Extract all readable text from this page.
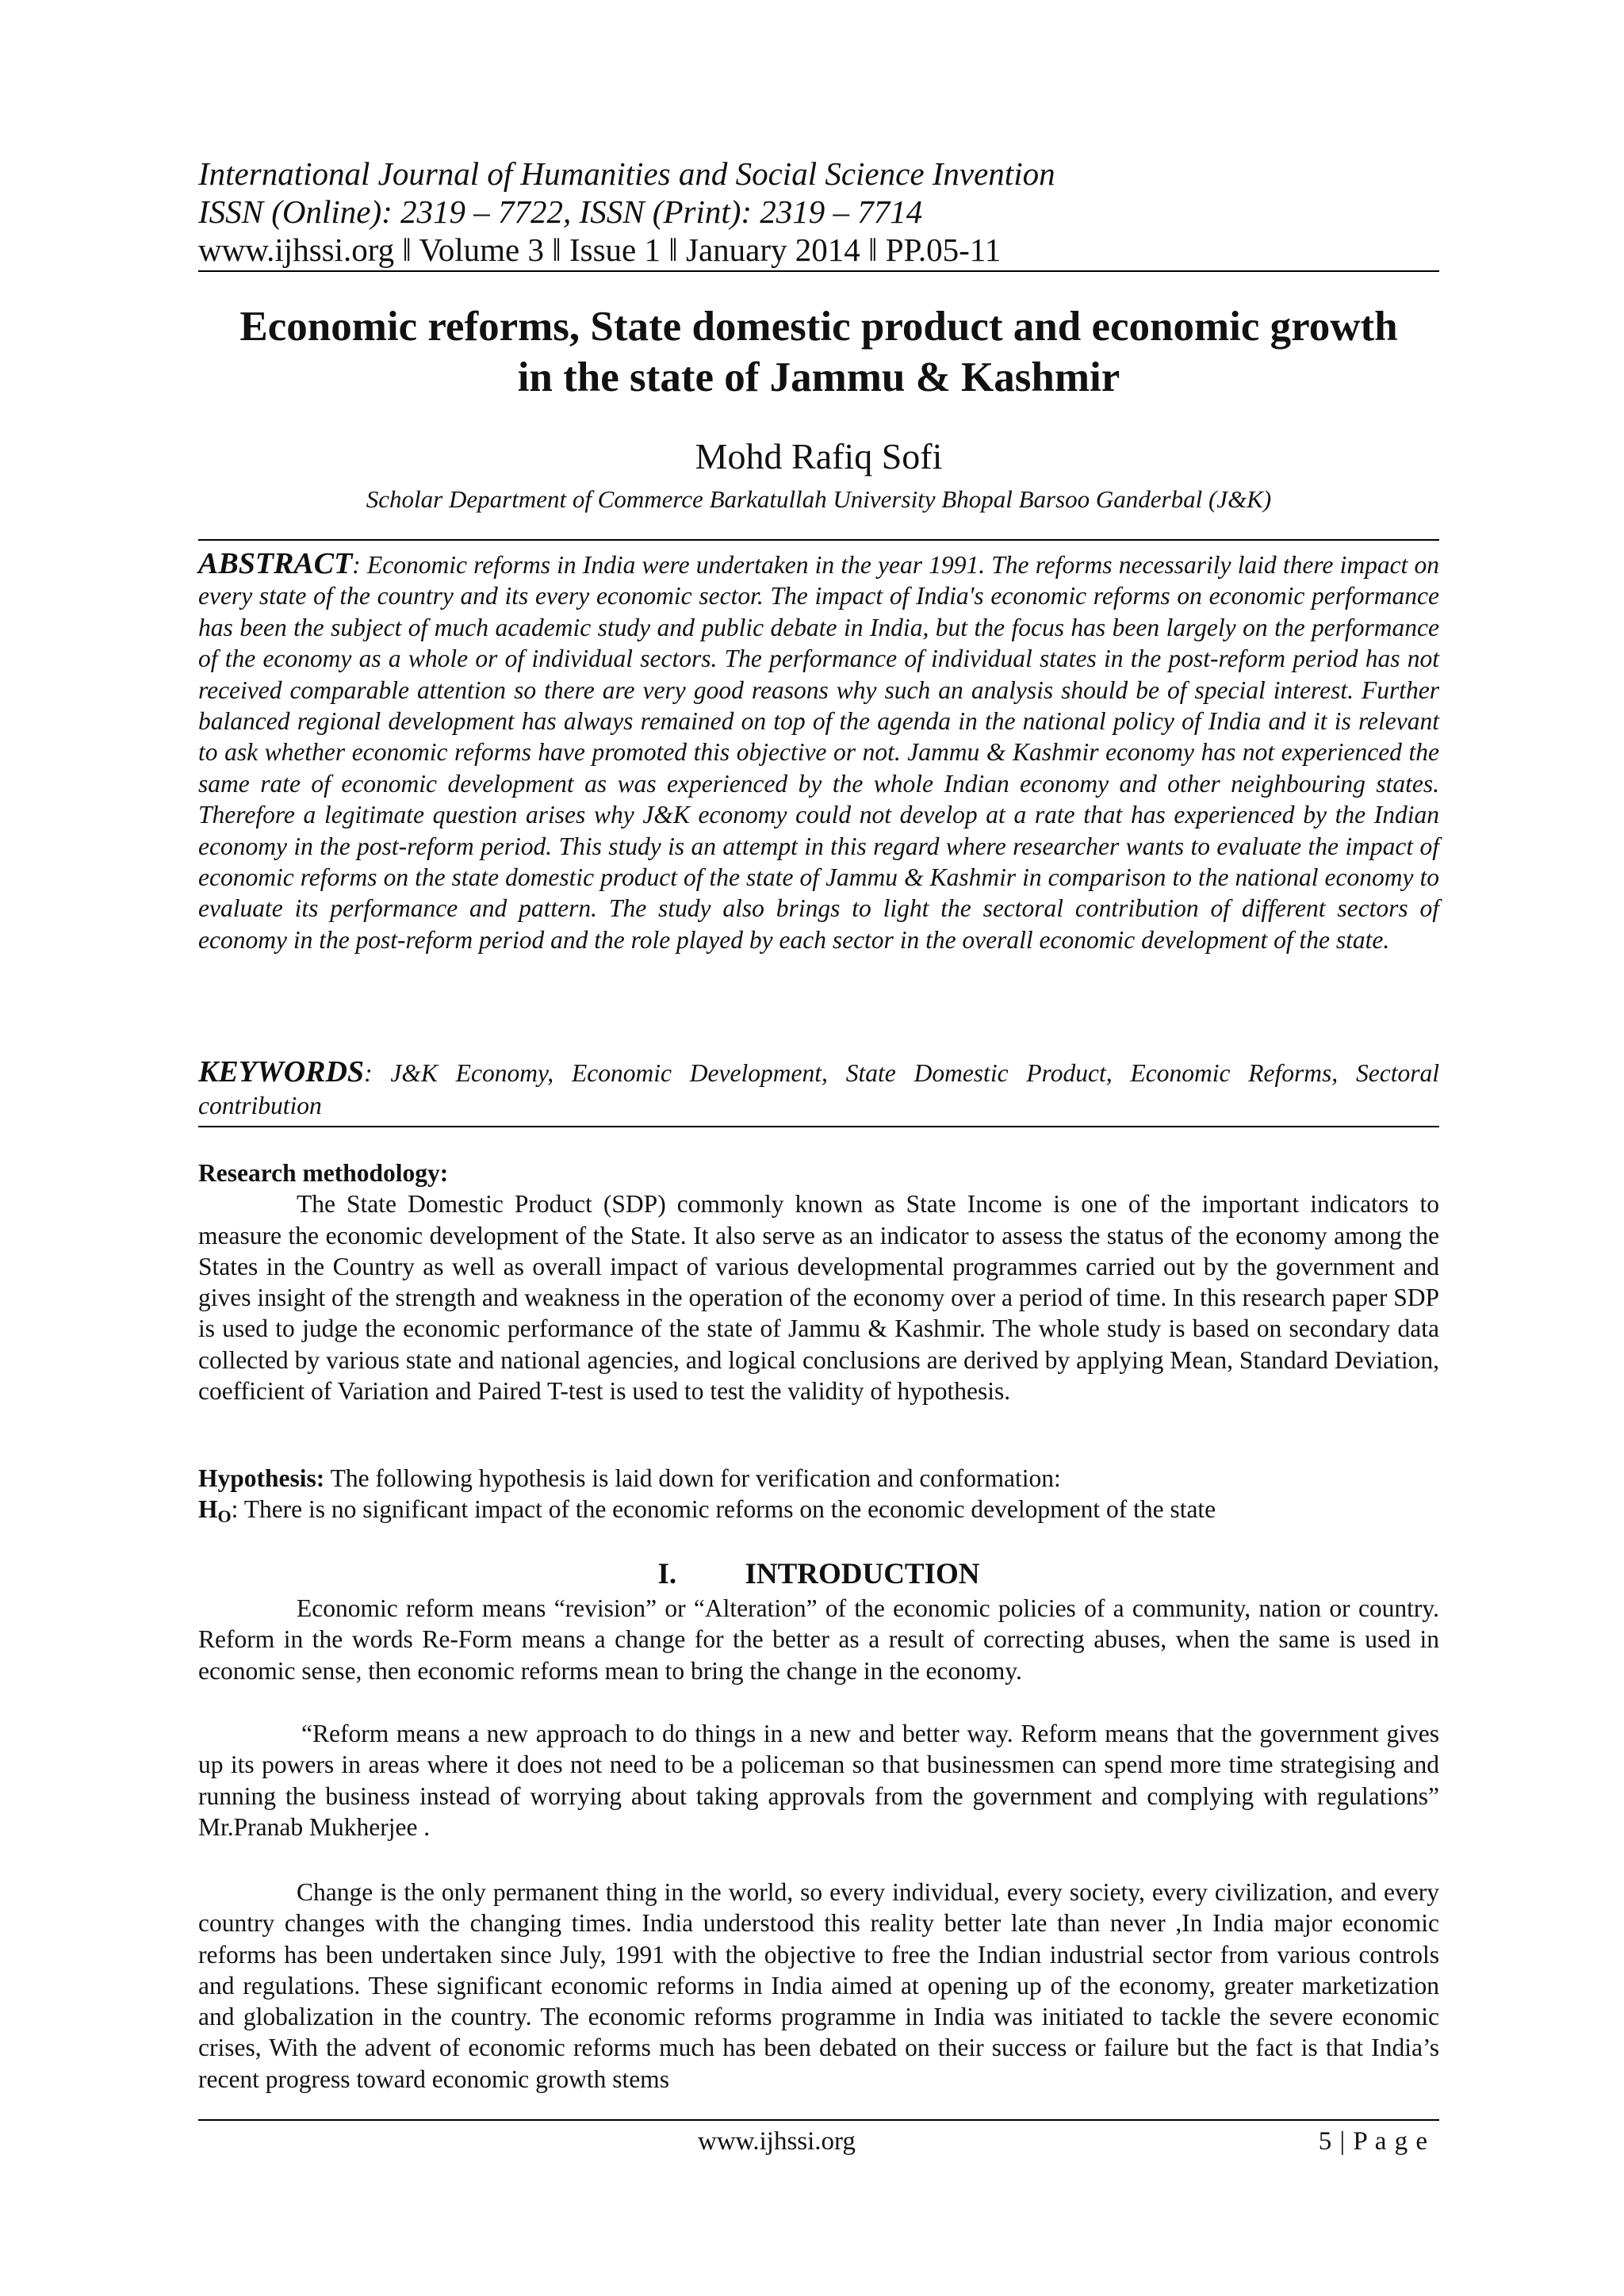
International Journal of Humanities and Social Science Invention
ISSN (Online): 2319 – 7722, ISSN (Print): 2319 – 7714
www.ijhssi.org ǁ Volume 3 ǁ Issue 1 ǁ January 2014 ǁ PP.05-11
Economic reforms, State domestic product and economic growth
in the state of Jammu & Kashmir
Mohd Rafiq Sofi
Scholar Department of Commerce Barkatullah University Bhopal Barsoo Ganderbal (J&K)
ABSTRACT: Economic reforms in India were undertaken in the year 1991. The reforms necessarily laid there impact on every state of the country and its every economic sector. The impact of India's economic reforms on economic performance has been the subject of much academic study and public debate in India, but the focus has been largely on the performance of the economy as a whole or of individual sectors. The performance of individual states in the post-reform period has not received comparable attention so there are very good reasons why such an analysis should be of special interest. Further balanced regional development has always remained on top of the agenda in the national policy of India and it is relevant to ask whether economic reforms have promoted this objective or not. Jammu & Kashmir economy has not experienced the same rate of economic development as was experienced by the whole Indian economy and other neighbouring states. Therefore a legitimate question arises why J&K economy could not develop at a rate that has experienced by the Indian economy in the post-reform period. This study is an attempt in this regard where researcher wants to evaluate the impact of economic reforms on the state domestic product of the state of Jammu & Kashmir in comparison to the national economy to evaluate its performance and pattern. The study also brings to light the sectoral contribution of different sectors of economy in the post-reform period and the role played by each sector in the overall economic development of the state.
KEYWORDS: J&K Economy, Economic Development, State Domestic Product, Economic Reforms, Sectoral contribution
Research methodology:

The State Domestic Product (SDP) commonly known as State Income is one of the important indicators to measure the economic development of the State. It also serve as an indicator to assess the status of the economy among the States in the Country as well as overall impact of various developmental programmes carried out by the government and gives insight of the strength and weakness in the operation of the economy over a period of time. In this research paper SDP is used to judge the economic performance of the state of Jammu & Kashmir. The whole study is based on secondary data collected by various state and national agencies, and logical conclusions are derived by applying Mean, Standard Deviation, coefficient of Variation and Paired T-test is used to test the validity of hypothesis.

Hypothesis: The following hypothesis is laid down for verification and conformation:

$H_O$: There is no significant impact of the economic reforms on the economic development of the state

I. INTRODUCTION

Economic reform means “revision” or “Alteration” of the economic policies of a community, nation or country. Reform in the words Re-Form means a change for the better as a result of correcting abuses, when the same is used in economic sense, then economic reforms mean to bring the change in the economy.

“Reform means a new approach to do things in a new and better way. Reform means that the government gives up its powers in areas where it does not need to be a policeman so that businessmen can spend more time strategising and running the business instead of worrying about taking approvals from the government and complying with regulations” Mr.Pranab Mukherjee .

Change is the only permanent thing in the world, so every individual, every society, every civilization, and every country changes with the changing times. India understood this reality better late than never ,In India major economic reforms has been undertaken since July, 1991 with the objective to free the Indian industrial sector from various controls and regulations. These significant economic reforms in India aimed at opening up of the economy, greater marketization and globalization in the country. The economic reforms programme in India was initiated to tackle the severe economic crises, With the advent of economic reforms much has been debated on their success or failure but the fact is that India’s recent progress toward economic growth stems

www.ijhssi.org	5 | P a g e
